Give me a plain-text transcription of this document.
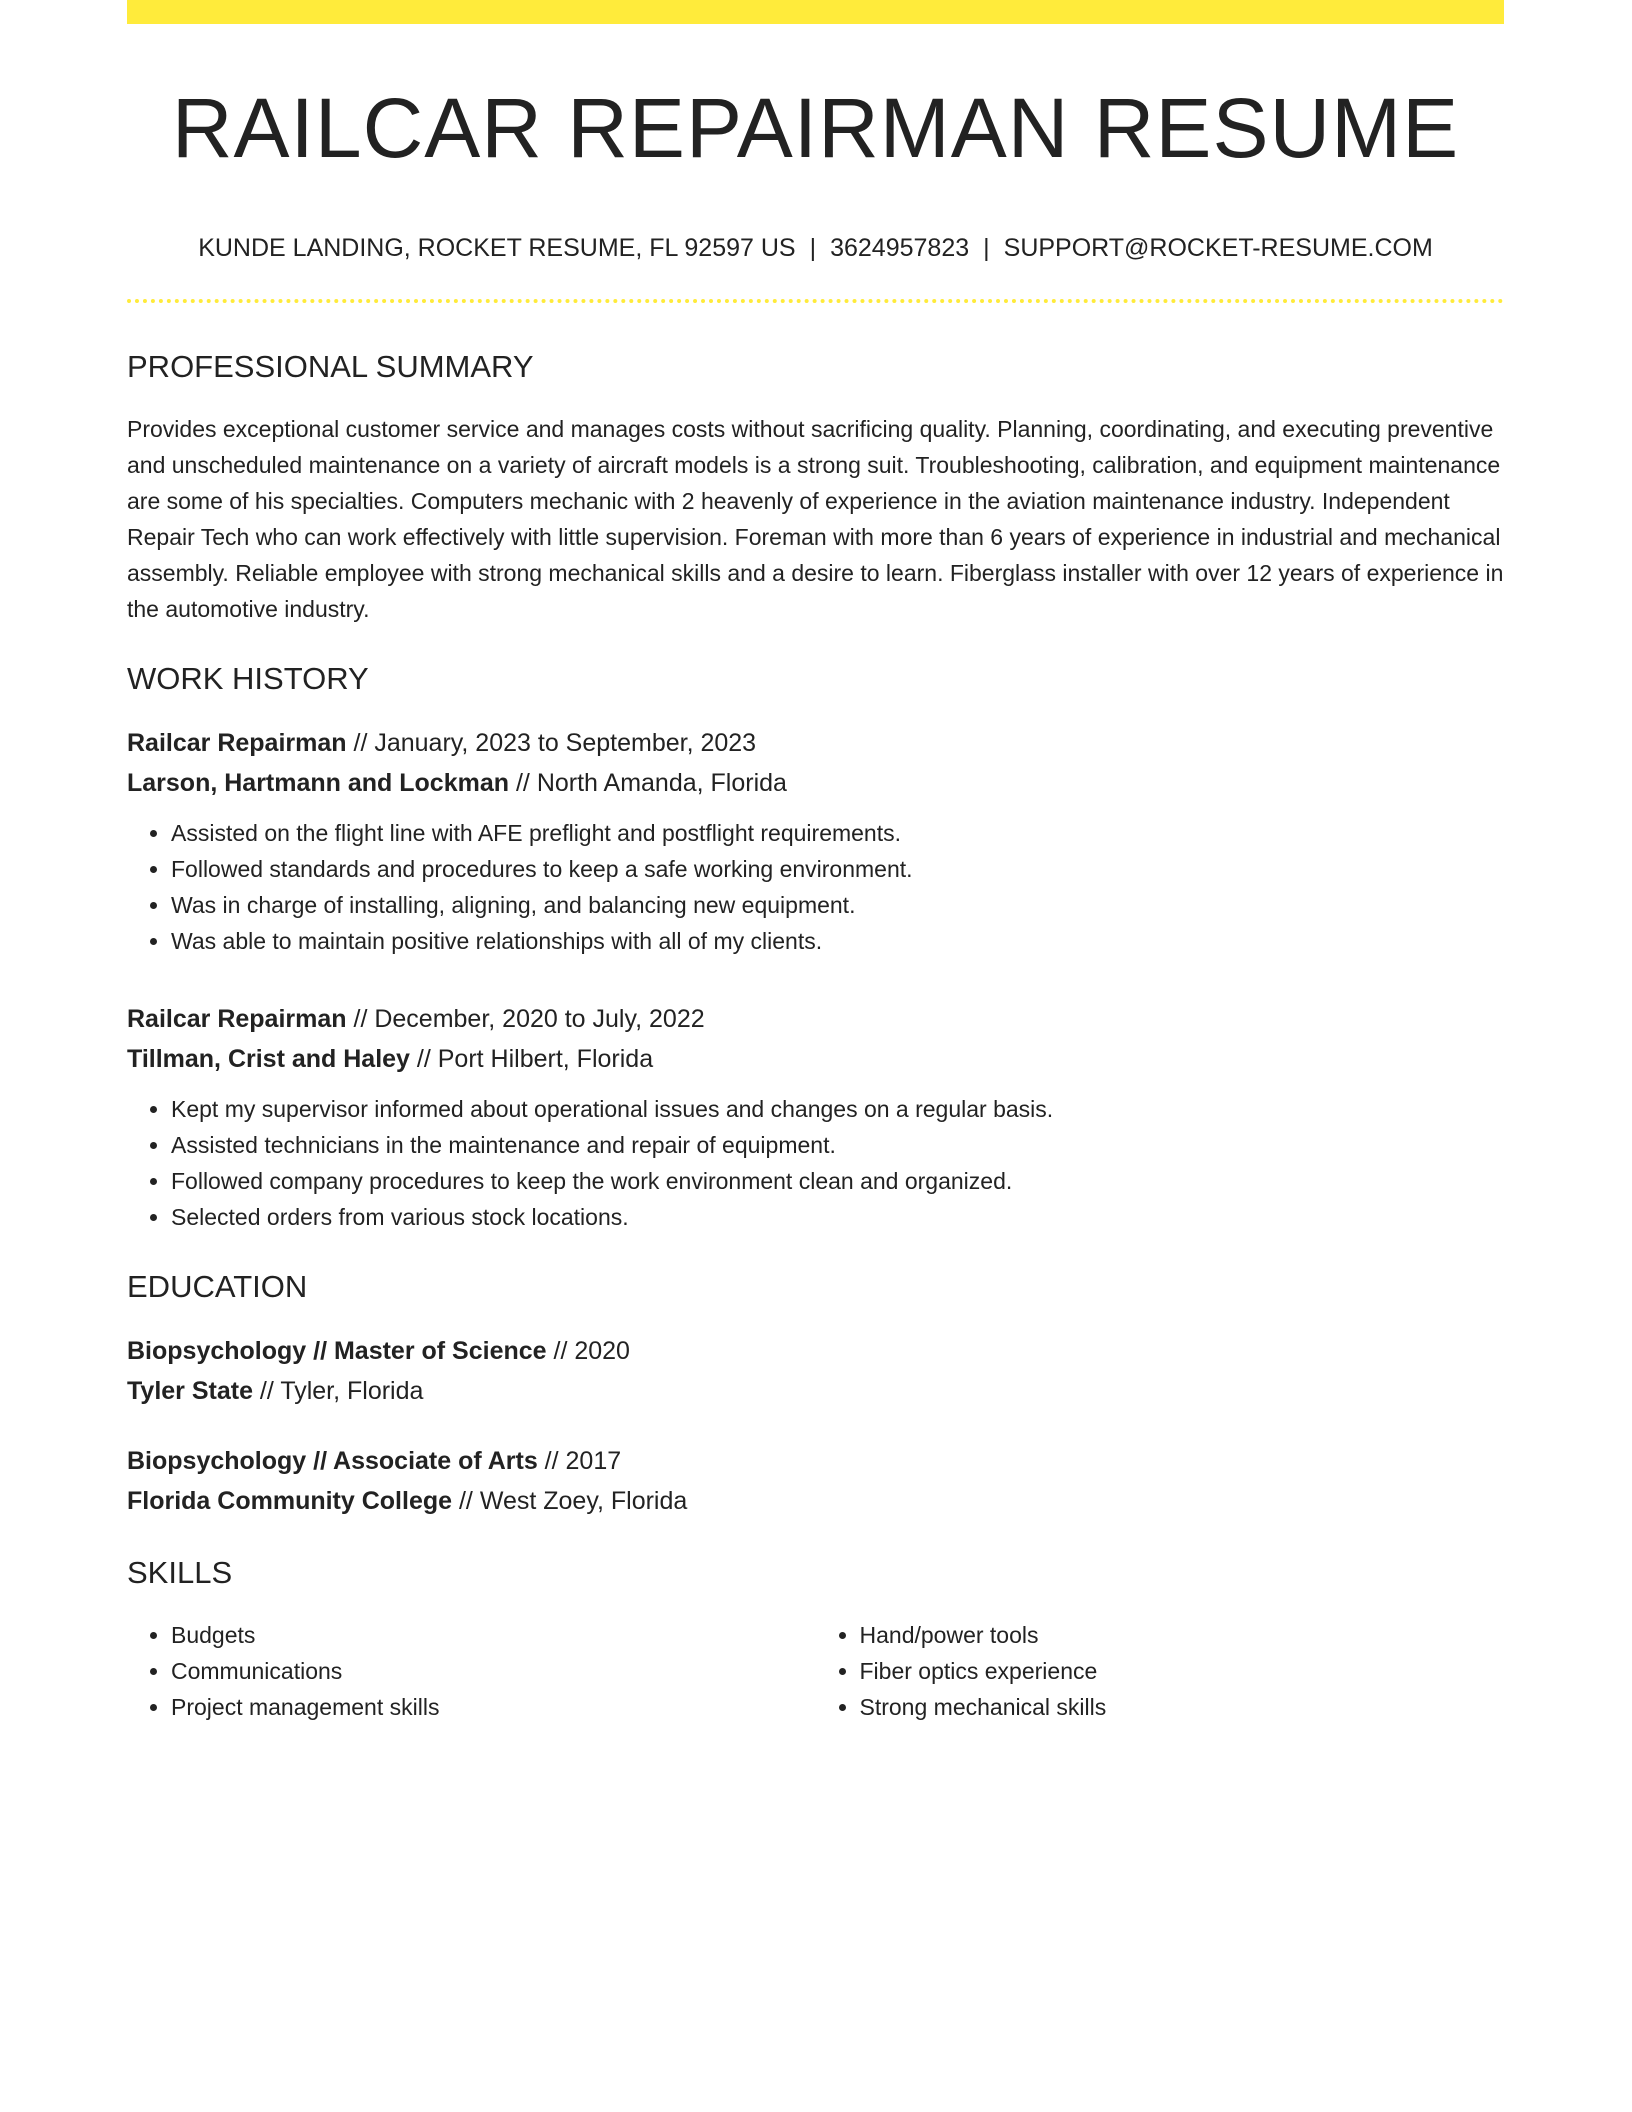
RAILCAR REPAIRMAN RESUME
KUNDE LANDING, ROCKET RESUME, FL 92597 US | 3624957823 | SUPPORT@ROCKET-RESUME.COM
PROFESSIONAL SUMMARY
Provides exceptional customer service and manages costs without sacrificing quality. Planning, coordinating, and executing preventive and unscheduled maintenance on a variety of aircraft models is a strong suit. Troubleshooting, calibration, and equipment maintenance are some of his specialties. Computers mechanic with 2 heavenly of experience in the aviation maintenance industry. Independent Repair Tech who can work effectively with little supervision. Foreman with more than 6 years of experience in industrial and mechanical assembly. Reliable employee with strong mechanical skills and a desire to learn. Fiberglass installer with over 12 years of experience in the automotive industry.
WORK HISTORY
Railcar Repairman // January, 2023 to September, 2023
Larson, Hartmann and Lockman // North Amanda, Florida
• Assisted on the flight line with AFE preflight and postflight requirements.
• Followed standards and procedures to keep a safe working environment.
• Was in charge of installing, aligning, and balancing new equipment.
• Was able to maintain positive relationships with all of my clients.
Railcar Repairman // December, 2020 to July, 2022
Tillman, Crist and Haley // Port Hilbert, Florida
• Kept my supervisor informed about operational issues and changes on a regular basis.
• Assisted technicians in the maintenance and repair of equipment.
• Followed company procedures to keep the work environment clean and organized.
• Selected orders from various stock locations.
EDUCATION
Biopsychology // Master of Science // 2020
Tyler State // Tyler, Florida
Biopsychology // Associate of Arts // 2017
Florida Community College // West Zoey, Florida
SKILLS
• Budgets
• Communications
• Project management skills
• Hand/power tools
• Fiber optics experience
• Strong mechanical skills
